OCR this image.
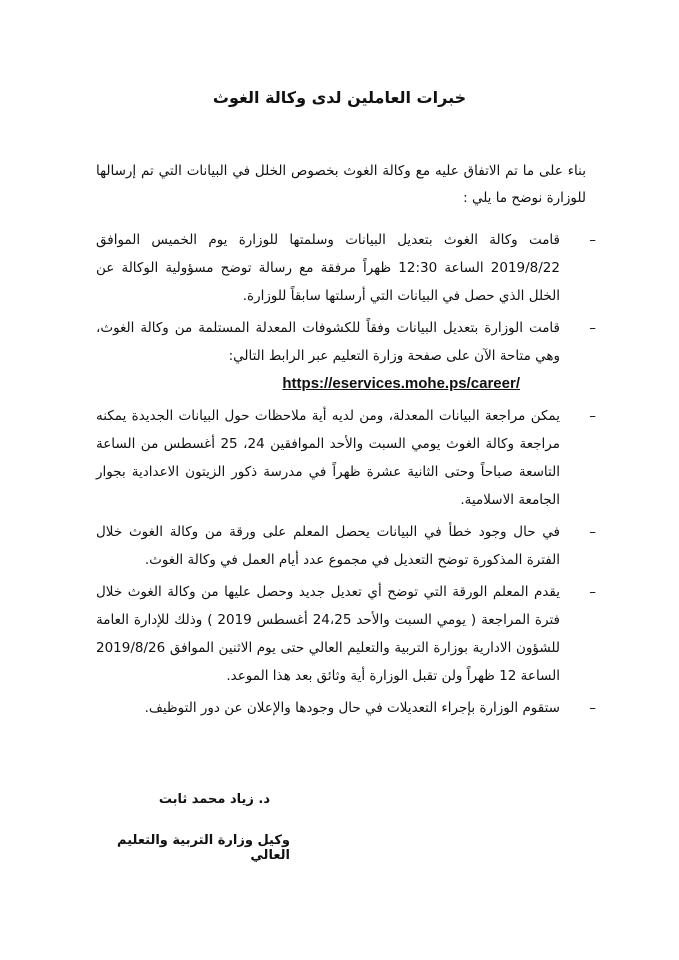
خبرات العاملين لدى وكالة الغوث
بناء على ما تم الاتفاق عليه مع وكالة الغوث بخصوص الخلل في البيانات التي تم إرسالها للوزارة نوضح ما يلي :
–
قامت وكالة الغوث بتعديل البيانات وسلمتها للوزارة يوم الخميس الموافق 2019/8/22 الساعة 12:30 ظهراً مرفقة مع رسالة توضح مسؤولية الوكالة عن الخلل الذي حصل في البيانات التي أرسلتها سابقاً للوزارة.
–
قامت الوزارة بتعديل البيانات وفقاً للكشوفات المعدلة المستلمة من وكالة الغوث، وهي متاحة الآن على صفحة وزارة التعليم عبر الرابط التالي:
https://eservices.mohe.ps/career/
–
يمكن مراجعة البيانات المعدلة، ومن لديه أية ملاحظات حول البيانات الجديدة يمكنه مراجعة وكالة الغوث يومي السبت والأحد الموافقين 24، 25 أغسطس من الساعة التاسعة صباحاً وحتى الثانية عشرة ظهراً في مدرسة ذكور الزيتون الاعدادية بجوار الجامعة الاسلامية.
–
في حال وجود خطأ في البيانات يحصل المعلم على ورقة من وكالة الغوث خلال الفترة المذكورة توضح التعديل في مجموع عدد أيام العمل في وكالة الغوث.
–
يقدم المعلم الورقة التي توضح أي تعديل جديد وحصل عليها من وكالة الغوث خلال فترة المراجعة ( يومي السبت والأحد 24،25 أغسطس 2019 ) وذلك للإدارة العامة للشؤون الادارية بوزارة التربية والتعليم العالي حتى يوم الاثنين الموافق 2019/8/26 الساعة 12 ظهراً ولن تقبل الوزارة أية وثائق بعد هذا الموعد.
–
ستقوم الوزارة بإجراء التعديلات في حال وجودها والإعلان عن دور التوظيف.
د. زياد محمد ثابت
وكيل وزارة التربية والتعليم العالي
